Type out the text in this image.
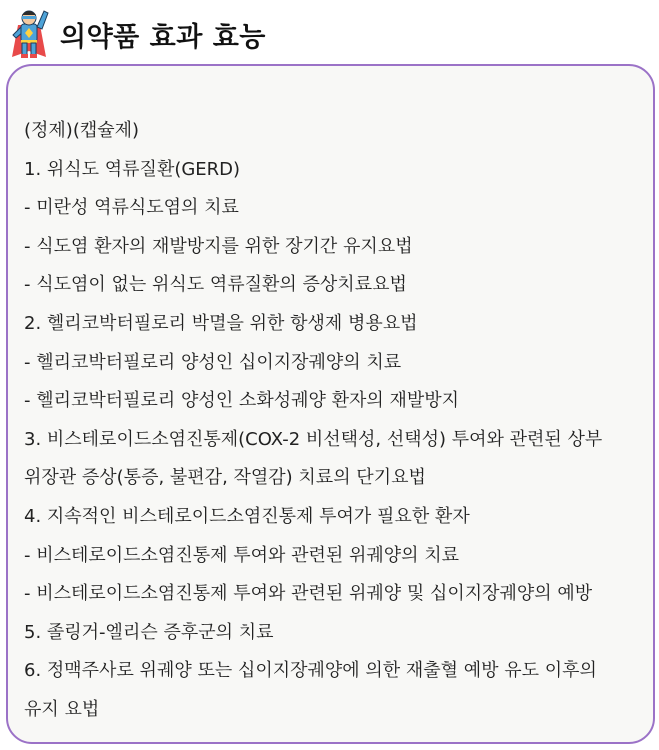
의약품 효과 효능
(정제)(캡슐제)
1. 위식도 역류질환(GERD)
- 미란성 역류식도염의 치료
- 식도염 환자의 재발방지를 위한 장기간 유지요법
- 식도염이 없는 위식도 역류질환의 증상치료요법
2. 헬리코박터필로리 박멸을 위한 항생제 병용요법
- 헬리코박터필로리 양성인 십이지장궤양의 치료
- 헬리코박터필로리 양성인 소화성궤양 환자의 재발방지
3. 비스테로이드소염진통제(COX-2 비선택성, 선택성) 투여와 관련된 상부
위장관 증상(통증, 불편감, 작열감) 치료의 단기요법
4. 지속적인 비스테로이드소염진통제 투여가 필요한 환자
- 비스테로이드소염진통제 투여와 관련된 위궤양의 치료
- 비스테로이드소염진통제 투여와 관련된 위궤양 및 십이지장궤양의 예방
5. 졸링거-엘리슨 증후군의 치료
6. 정맥주사로 위궤양 또는 십이지장궤양에 의한 재출혈 예방 유도 이후의
유지 요법
